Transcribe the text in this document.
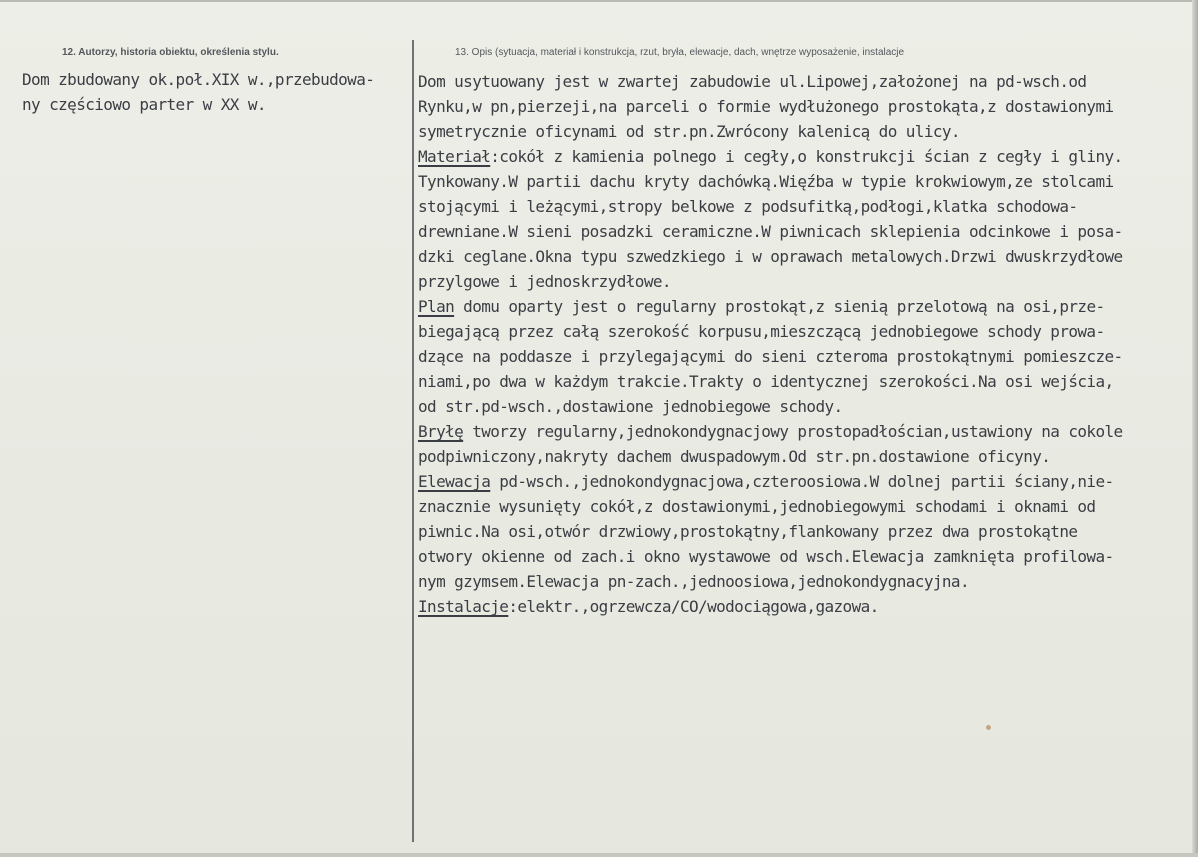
12. Autorzy, historia obiektu, określenia stylu.	13. Opis (sytuacja, materiał i konstrukcja, rzut, bryła, elewacje, dach, wnętrze wyposażenie, instalacje
Dom zbudowany ok.poł.XIX w.,przebudowa-
ny częściowo parter w XX w.
Dom usytuowany jest w zwartej zabudowie ul.Lipowej,założonej na pd-wsch.od
Rynku,w pn,pierzeji,na parceli o formie wydłużonego prostokąta,z dostawionymi
symetrycznie oficynami od str.pn.Zwrócony kalenicą do ulicy.
Materiał:cokół z kamienia polnego i cegły,o konstrukcji ścian z cegły i gliny.
Tynkowany.W partii dachu kryty dachówką.Więźba w typie krokwiowym,ze stolcami
stojącymi i leżącymi,stropy belkowe z podsufitką,podłogi,klatka schodowa-
drewniane.W sieni posadzki ceramiczne.W piwnicach sklepienia odcinkowe i posa-
dzki ceglane.Okna typu szwedzkiego i w oprawach metalowych.Drzwi dwuskrzydłowe
przylgowe i jednoskrzydłowe.
Plan domu oparty jest o regularny prostokąt,z sienią przelotową na osi,prze-
biegającą przez całą szerokość korpusu,mieszczącą jednobiegowe schody prowa-
dzące na poddasze i przylegającymi do sieni czteroma prostokątnymi pomieszcze-
niami,po dwa w każdym trakcie.Trakty o identycznej szerokości.Na osi wejścia,
od str.pd-wsch.,dostawione jednobiegowe schody.
Bryłę tworzy regularny,jednokondygnacjowy prostopadłościan,ustawiony na cokole
podpiwniczony,nakryty dachem dwuspadowym.Od str.pn.dostawione oficyny.
Elewacja pd-wsch.,jednokondygnacjowa,czteroosiowa.W dolnej partii ściany,nie-
znacznie wysunięty cokół,z dostawionymi,jednobiegowymi schodami i oknami od
piwnic.Na osi,otwór drzwiowy,prostokątny,flankowany przez dwa prostokątne
otwory okienne od zach.i okno wystawowe od wsch.Elewacja zamknięta profilowa-
nym gzymsem.Elewacja pn-zach.,jednoosiowa,jednokondygnacyjna.
Instalacje:elektr.,ogrzewcza/CO/wodociągowa,gazowa.
